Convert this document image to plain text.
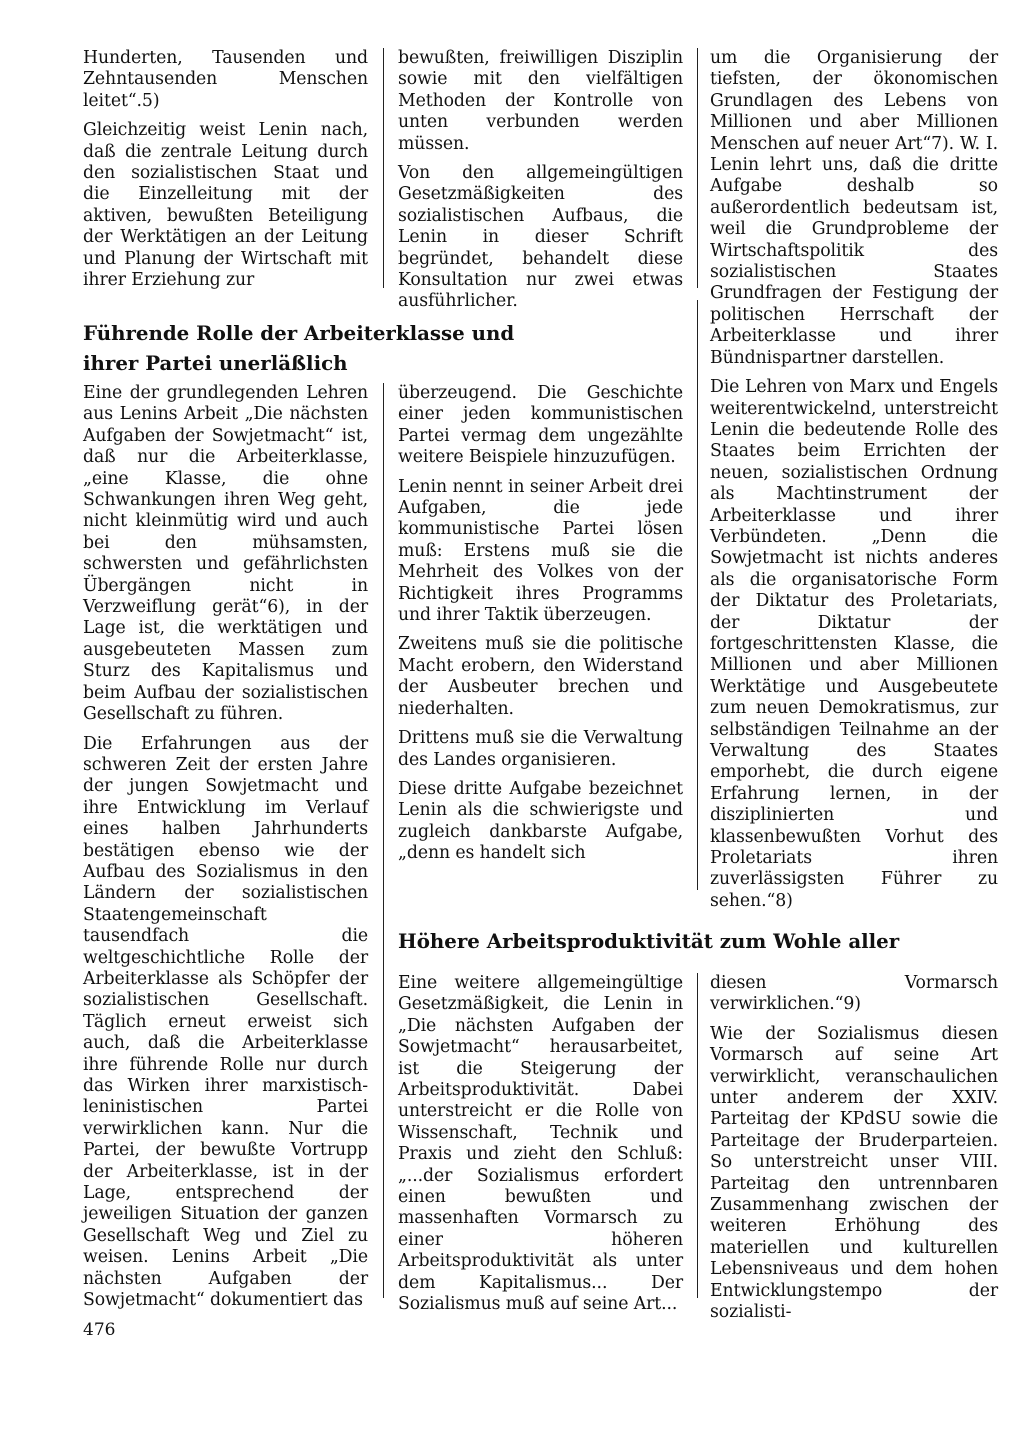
Hunderten, Tausenden und Zehntausenden Menschen leitet“.5)

Gleichzeitig weist Lenin nach, daß die zentrale Leitung durch den sozialistischen Staat und die Einzelleitung mit der aktiven, bewußten Beteiligung der Werktätigen an der Leitung und Planung der Wirtschaft mit ihrer Erziehung zur

bewußten, freiwilligen Disziplin sowie mit den vielfältigen Methoden der Kontrolle von unten verbunden werden müssen.

Von den allgemeingültigen Gesetzmäßigkeiten des sozialistischen Aufbaus, die Lenin in dieser Schrift begründet, behandelt diese Konsultation nur zwei etwas ausführlicher.

um die Organisierung der tiefsten, der ökonomischen Grundlagen des Lebens von Millionen und aber Millionen Menschen auf neuer Art“7). W. I. Lenin lehrt uns, daß die dritte Aufgabe deshalb so außerordentlich bedeutsam ist, weil die Grundprobleme der Wirtschaftspolitik des sozialistischen Staates Grundfragen der Festigung der politischen Herrschaft der Arbeiterklasse und ihrer Bündnispartner darstellen.

Die Lehren von Marx und Engels weiterentwickelnd, unterstreicht Lenin die bedeutende Rolle des Staates beim Errichten der neuen, sozialistischen Ordnung als Machtinstrument der Arbeiterklasse und ihrer Verbündeten. „Denn die Sowjetmacht ist nichts anderes als die organisatorische Form der Diktatur des Proletariats, der Diktatur der fortgeschrittensten Klasse, die Millionen und aber Millionen Werktätige und Ausgebeutete zum neuen Demokratismus, zur selbständigen Teilnahme an der Verwaltung des Staates emporhebt, die durch eigene Erfahrung lernen, in der disziplinierten und klassenbewußten Vorhut des Proletariats ihren zuverlässigsten Führer zu sehen.“8)

Führende Rolle der Arbeiterklasse und
ihrer Partei unerläßlich

Eine der grundlegenden Lehren aus Lenins Arbeit „Die nächsten Aufgaben der Sowjetmacht“ ist, daß nur die Arbeiterklasse, „eine Klasse, die ohne Schwankungen ihren Weg geht, nicht kleinmütig wird und auch bei den mühsamsten, schwersten und gefährlichsten Übergängen nicht in Verzweiflung gerät“6), in der Lage ist, die werktätigen und ausgebeuteten Massen zum Sturz des Kapitalismus und beim Aufbau der sozialistischen Gesellschaft zu führen.

Die Erfahrungen aus der schweren Zeit der ersten Jahre der jungen Sowjetmacht und ihre Entwicklung im Verlauf eines halben Jahrhunderts bestätigen ebenso wie der Aufbau des Sozialismus in den Ländern der sozialistischen Staatengemeinschaft tausendfach die weltgeschichtliche Rolle der Arbeiterklasse als Schöpfer der sozialistischen Gesellschaft. Täglich erneut erweist sich auch, daß die Arbeiterklasse ihre führende Rolle nur durch das Wirken ihrer marxistisch-leninistischen Partei verwirklichen kann. Nur die Partei, der bewußte Vortrupp der Arbeiterklasse, ist in der Lage, entsprechend der jeweiligen Situation der ganzen Gesellschaft Weg und Ziel zu weisen. Lenins Arbeit „Die nächsten Aufgaben der Sowjetmacht“ dokumentiert das

überzeugend. Die Geschichte einer jeden kommunistischen Partei vermag dem ungezählte weitere Beispiele hinzuzufügen.

Lenin nennt in seiner Arbeit drei Aufgaben, die jede kommunistische Partei lösen muß: Erstens muß sie die Mehrheit des Volkes von der Richtigkeit ihres Programms und ihrer Taktik überzeugen.

Zweitens muß sie die politische Macht erobern, den Widerstand der Ausbeuter brechen und niederhalten.

Drittens muß sie die Verwaltung des Landes organisieren.

Diese dritte Aufgabe bezeichnet Lenin als die schwierigste und zugleich dankbarste Aufgabe, „denn es handelt sich

Höhere Arbeitsproduktivität zum Wohle aller

Eine weitere allgemeingültige Gesetzmäßigkeit, die Lenin in „Die nächsten Aufgaben der Sowjetmacht“ herausarbeitet, ist die Steigerung der Arbeitsproduktivität. Dabei unterstreicht er die Rolle von Wissenschaft, Technik und Praxis und zieht den Schluß: „...der Sozialismus erfordert einen bewußten und massenhaften Vormarsch zu einer höheren Arbeitsproduktivität als unter dem Kapitalismus... Der Sozialismus muß auf seine Art...

diesen Vormarsch verwirklichen.“9)

Wie der Sozialismus diesen Vormarsch auf seine Art verwirklicht, veranschaulichen unter anderem der XXIV. Parteitag der KPdSU sowie die Parteitage der Bruderparteien. So unterstreicht unser VIII. Parteitag den untrennbaren Zusammenhang zwischen der weiteren Erhöhung des materiellen und kulturellen Lebensniveaus und dem hohen Entwicklungstempo der sozialisti-

476
